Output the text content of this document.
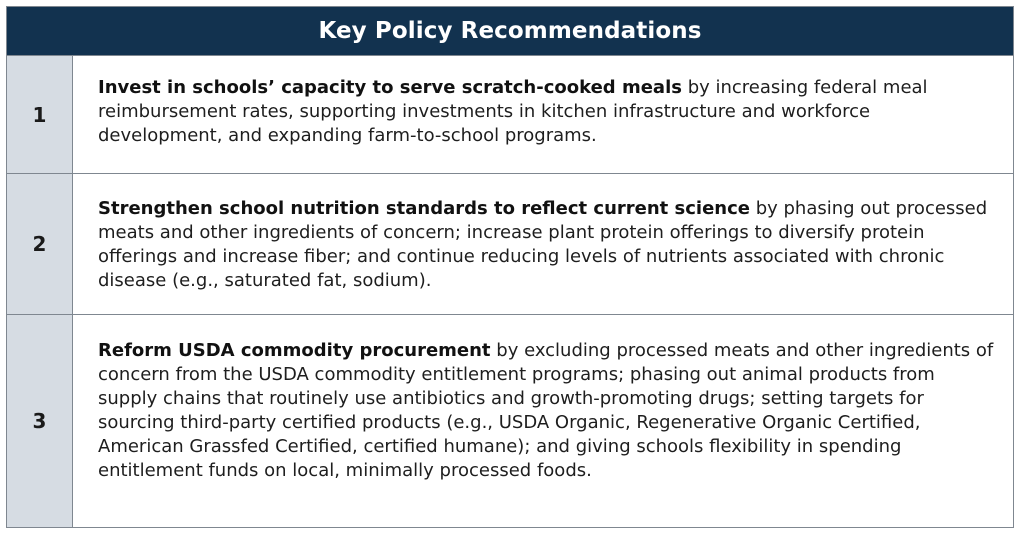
Key Policy Recommendations
1
Invest in schools’ capacity to serve scratch-cooked meals by increasing federal meal reimbursement rates, supporting investments in kitchen infrastructure and workforce development, and expanding farm-to-school programs.
2
Strengthen school nutrition standards to reflect current science by phasing out processed meats and other ingredients of concern; increase plant protein offerings to diversify protein offerings and increase fiber; and continue reducing levels of nutrients associated with chronic disease (e.g., saturated fat, sodium).
3
Reform USDA commodity procurement by excluding processed meats and other ingredients of concern from the USDA commodity entitlement programs; phasing out animal products from supply chains that routinely use antibiotics and growth-promoting drugs; setting targets for sourcing third-party certified products (e.g., USDA Organic, Regenerative Organic Certified, American Grassfed Certified, certified humane); and giving schools flexibility in spending entitlement funds on local, minimally processed foods.
